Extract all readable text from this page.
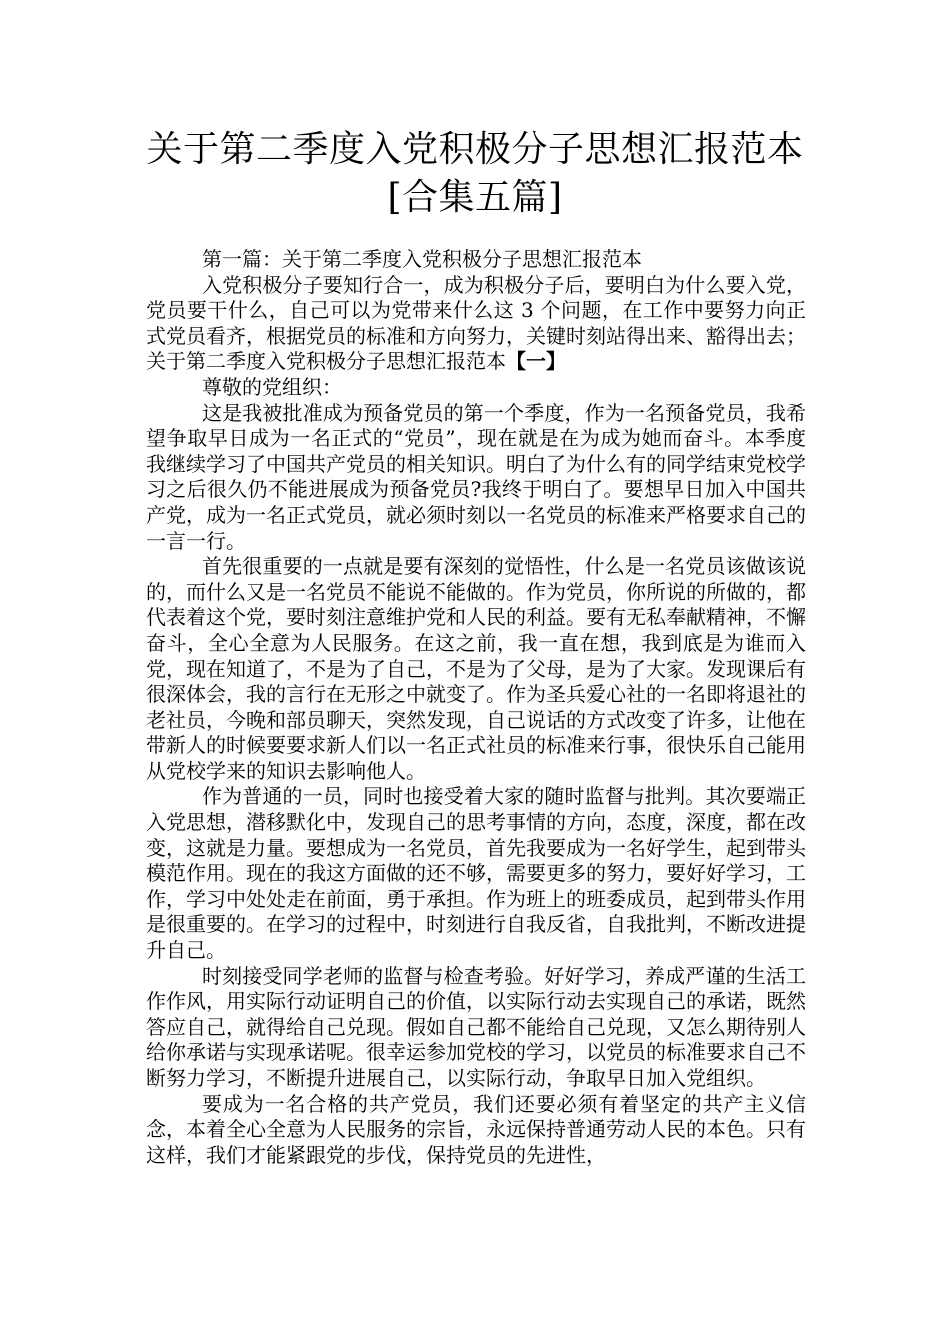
关于第二季度入党积极分子思想汇报范本
[合集五篇]

第一篇：关于第二季度入党积极分子思想汇报范本

入党积极分子要知行合一，成为积极分子后，要明白为什么要入党，党员要干什么，自己可以为党带来什么这 3 个问题，在工作中要努力向正式党员看齐，根据党员的标准和方向努力，关键时刻站得出来、豁得出去；关于第二季度入党积极分子思想汇报范本【一】

尊敬的党组织：

这是我被批准成为预备党员的第一个季度，作为一名预备党员，我希望争取早日成为一名正式的“党员”，现在就是在为成为她而奋斗。本季度我继续学习了中国共产党员的相关知识。明白了为什么有的同学结束党校学习之后很久仍不能进展成为预备党员?我终于明白了。要想早日加入中国共产党，成为一名正式党员，就必须时刻以一名党员的标准来严格要求自己的一言一行。

首先很重要的一点就是要有深刻的觉悟性，什么是一名党员该做该说的，而什么又是一名党员不能说不能做的。作为党员，你所说的所做的，都代表着这个党，要时刻注意维护党和人民的利益。要有无私奉献精神，不懈奋斗，全心全意为人民服务。在这之前，我一直在想，我到底是为谁而入党，现在知道了，不是为了自己，不是为了父母，是为了大家。发现课后有很深体会，我的言行在无形之中就变了。作为圣兵爱心社的一名即将退社的老社员，今晚和部员聊天，突然发现，自己说话的方式改变了许多，让他在带新人的时候要要求新人们以一名正式社员的标准来行事，很快乐自己能用从党校学来的知识去影响他人。

作为普通的一员，同时也接受着大家的随时监督与批判。其次要端正入党思想，潜移默化中，发现自己的思考事情的方向，态度，深度，都在改变，这就是力量。要想成为一名党员，首先我要成为一名好学生，起到带头模范作用。现在的我这方面做的还不够，需要更多的努力，要好好学习，工作，学习中处处走在前面，勇于承担。作为班上的班委成员，起到带头作用是很重要的。在学习的过程中，时刻进行自我反省，自我批判，不断改进提升自己。

时刻接受同学老师的监督与检查考验。好好学习，养成严谨的生活工作作风，用实际行动证明自己的价值，以实际行动去实现自己的承诺，既然答应自己，就得给自己兑现。假如自己都不能给自己兑现，又怎么期待别人给你承诺与实现承诺呢。很幸运参加党校的学习，以党员的标准要求自己不断努力学习，不断提升进展自己，以实际行动，争取早日加入党组织。

要成为一名合格的共产党员，我们还要必须有着坚定的共产主义信念，本着全心全意为人民服务的宗旨，永远保持普通劳动人民的本色。只有这样，我们才能紧跟党的步伐，保持党员的先进性，
